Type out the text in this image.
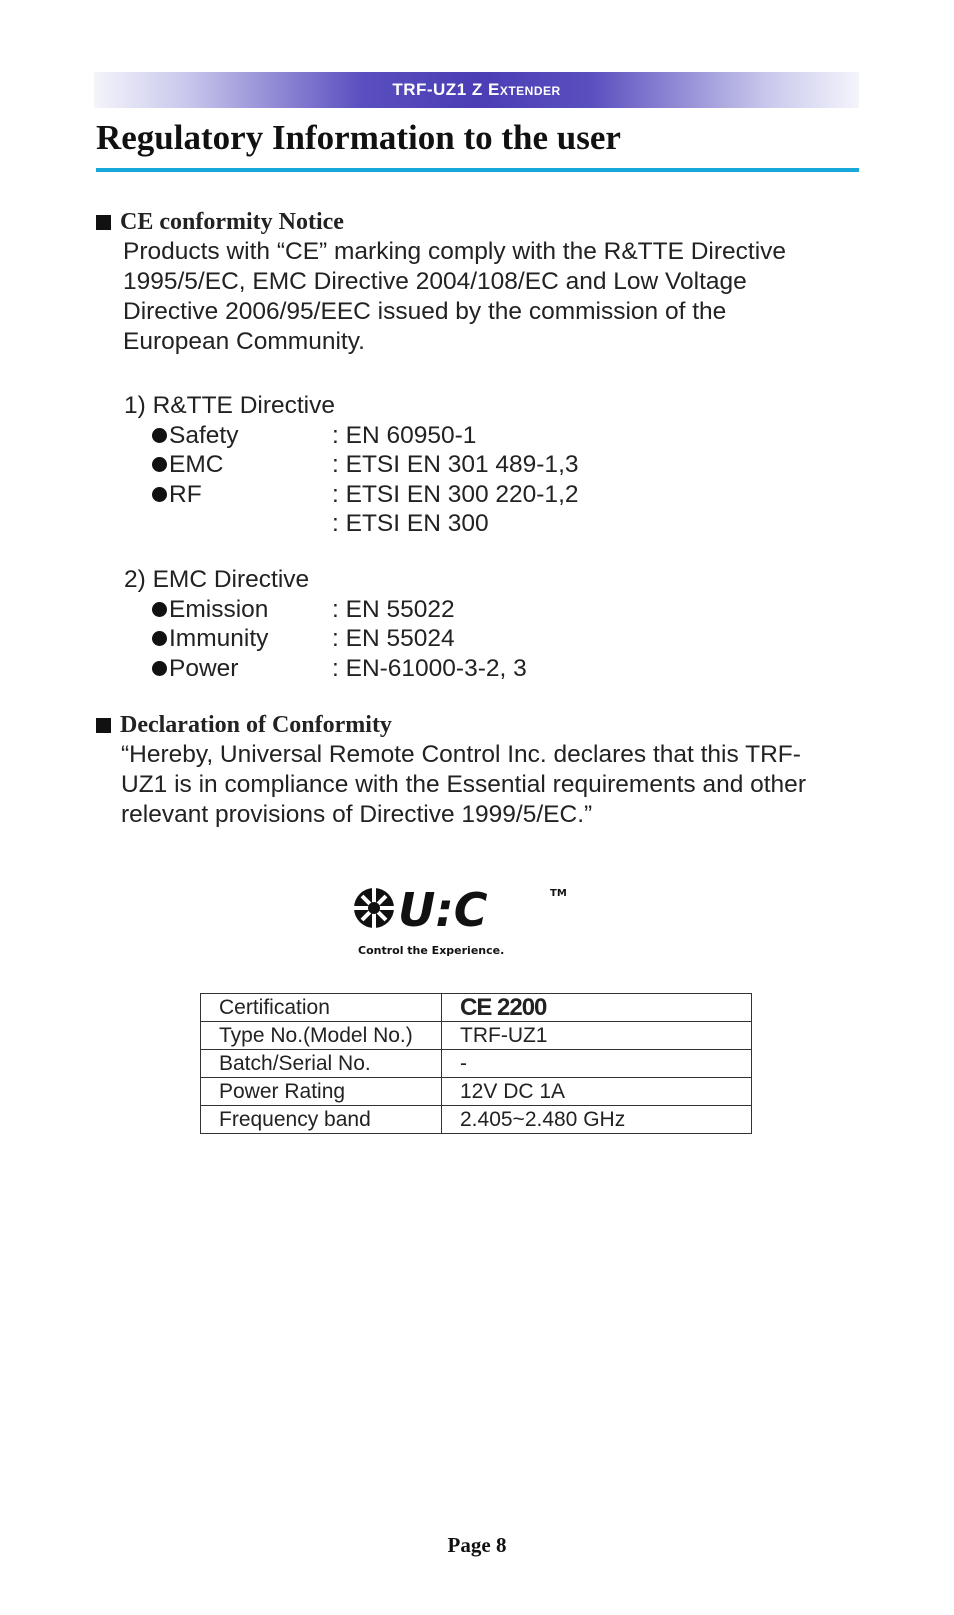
TRF-UZ1 Z Extender
Regulatory Information to the user
CE conformity Notice
Products with “CE” marking comply with the R&TTE Directive 1995/5/EC, EMC Directive 2004/108/EC and Low Voltage Directive 2006/95/EEC issued by the commission of the European Community.
1) R&TTE Directive
Safety	: EN 60950-1
EMC	: ETSI EN 301 489-1,3
RF	: ETSI EN 300 220-1,2
: ETSI EN 300
2) EMC Directive
Emission	: EN 55022
Immunity	: EN 55024
Power	: EN-61000-3-2, 3
Declaration of Conformity
“Hereby, Universal Remote Control Inc. declares that this TRF-UZ1 is in compliance with the Essential requirements and other relevant provisions of Directive 1999/5/EC.”
U:C	TM
Control the Experience.
Certification	CE 2200
Type No.(Model No.)	TRF-UZ1
Batch/Serial No.	-
Power Rating	12V DC 1A
Frequency band	2.405~2.480 GHz
Page 8
